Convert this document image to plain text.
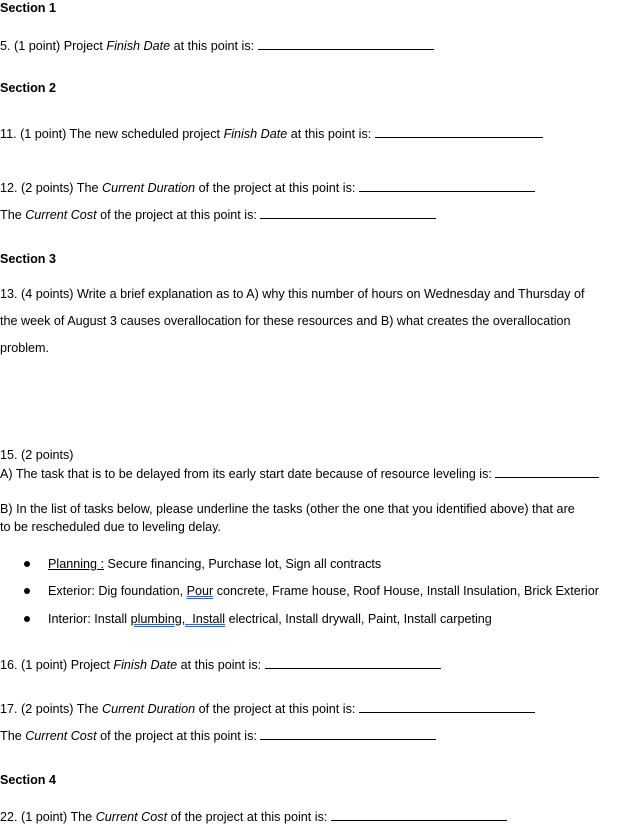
Section 1
5. (1 point) Project Finish Date at this point is:
Section 2
11. (1 point) The new scheduled project Finish Date at this point is:
12. (2 points) The Current Duration of the project at this point is:
The Current Cost of the project at this point is:
Section 3
13. (4 points) Write a brief explanation as to A) why this number of hours on Wednesday and Thursday of
the week of August 3 causes overallocation for these resources and B) what creates the overallocation
problem.
15. (2 points)
A) The task that is to be delayed from its early start date because of resource leveling is:
B) In the list of tasks below, please underline the tasks (other the one that you identified above) that are
to be rescheduled due to leveling delay.
Planning : Secure financing, Purchase lot, Sign all contracts
Exterior: Dig foundation, Pour concrete, Frame house, Roof House, Install Insulation, Brick Exterior
Interior: Install plumbing, Install electrical, Install drywall, Paint, Install carpeting
16. (1 point) Project Finish Date at this point is:
17. (2 points) The Current Duration of the project at this point is:
The Current Cost of the project at this point is:
Section 4
22. (1 point) The Current Cost of the project at this point is:
